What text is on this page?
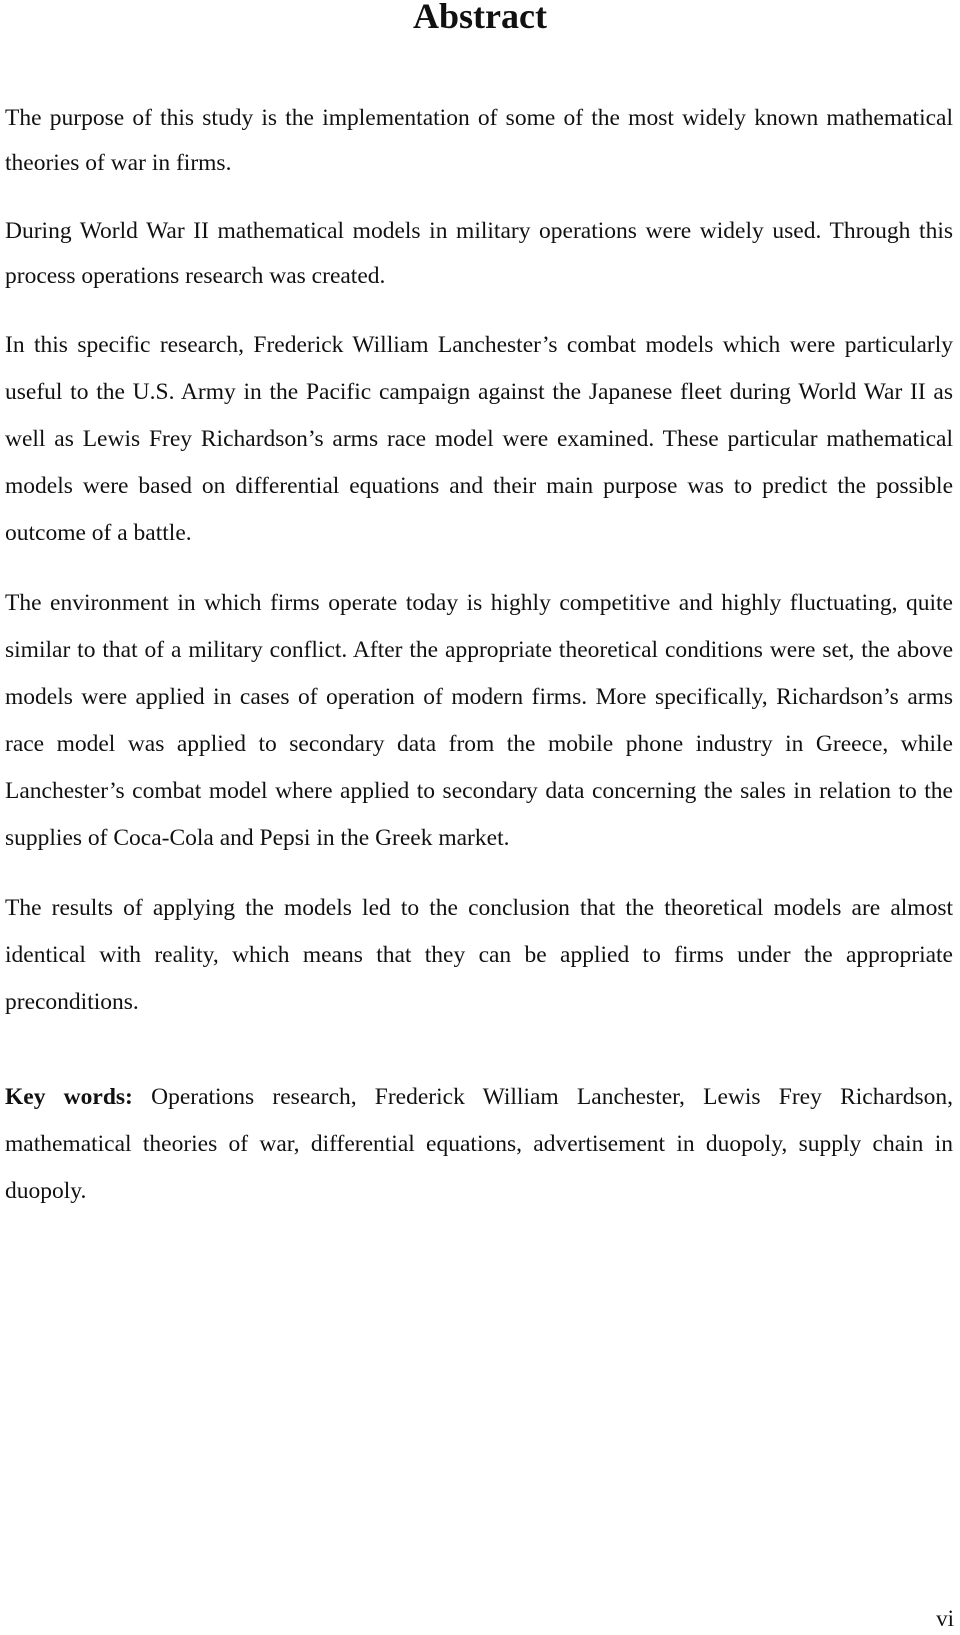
Abstract

The purpose of this study is the implementation of some of the most widely known mathematical theories of war in firms.

During World War II mathematical models in military operations were widely used. Through this process operations research was created.

In this specific research, Frederick William Lanchester’s combat models which were particularly useful to the U.S. Army in the Pacific campaign against the Japanese fleet during World War II as well as Lewis Frey Richardson’s arms race model were examined. These particular mathematical models were based on differential equations and their main purpose was to predict the possible outcome of a battle.

The environment in which firms operate today is highly competitive and highly fluctuating, quite similar to that of a military conflict. After the appropriate theoretical conditions were set, the above models were applied in cases of operation of modern firms. More specifically, Richardson’s arms race model was applied to secondary data from the mobile phone industry in Greece, while Lanchester’s combat model where applied to secondary data concerning the sales in relation to the supplies of Coca-Cola and Pepsi in the Greek market.

The results of applying the models led to the conclusion that the theoretical models are almost identical with reality, which means that they can be applied to firms under the appropriate preconditions.

Key words: Operations research, Frederick William Lanchester, Lewis Frey Richardson, mathematical theories of war, differential equations, advertisement in duopoly, supply chain in duopoly.

vi
